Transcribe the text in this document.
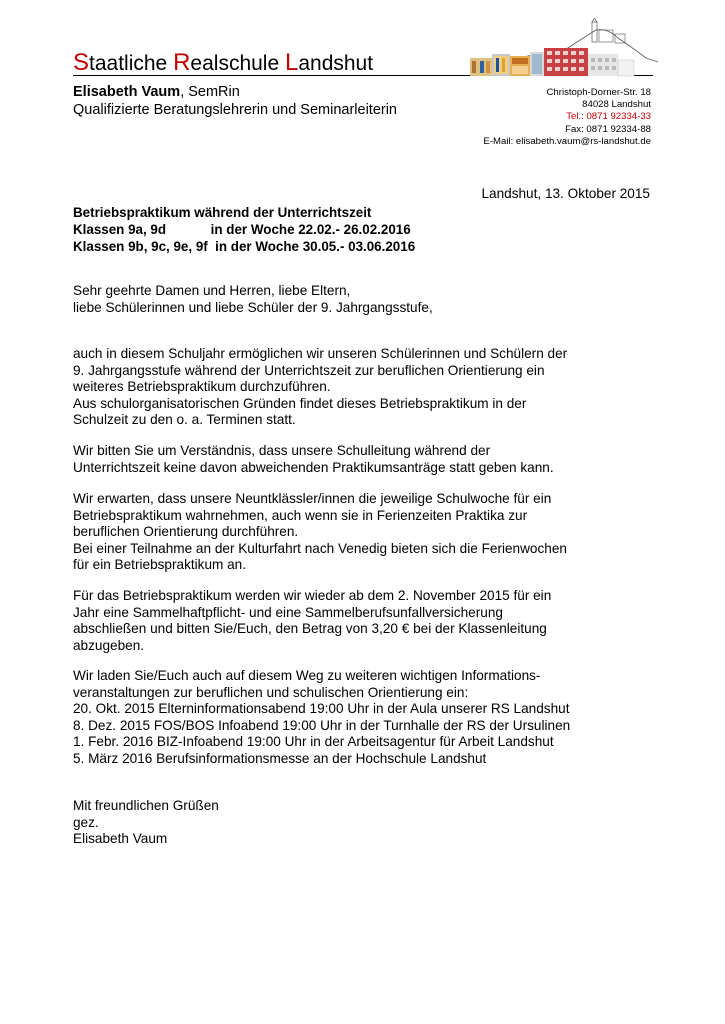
Staatliche Realschule Landshut
Elisabeth Vaum, SemRin
Qualifizierte Beratungslehrerin und Seminarleiterin
Christoph-Dorner-Str. 18
84028 Landshut
Tel.: 0871 92334-33
Fax: 0871 92334-88
E-Mail: elisabeth.vaum@rs-landshut.de
Landshut, 13. Oktober 2015
Betriebspraktikum während der Unterrichtszeit
Klassen 9a, 9d            in der Woche 22.02.- 26.02.2016
Klassen 9b, 9c, 9e, 9f  in der Woche 30.05.- 03.06.2016
Sehr geehrte Damen und Herren, liebe Eltern,
liebe Schülerinnen und liebe Schüler der 9. Jahrgangsstufe,
auch in diesem Schuljahr ermöglichen wir unseren Schülerinnen und Schülern der
9. Jahrgangsstufe während der Unterrichtszeit zur beruflichen Orientierung ein
weiteres Betriebspraktikum durchzuführen.
Aus schulorganisatorischen Gründen findet dieses Betriebspraktikum in der
Schulzeit zu den o. a. Terminen statt.
Wir bitten Sie um Verständnis, dass unsere Schulleitung während der
Unterrichtszeit keine davon abweichenden Praktikumsanträge statt geben kann.
Wir erwarten, dass unsere Neuntklässler/innen die jeweilige Schulwoche für ein
Betriebspraktikum wahrnehmen, auch wenn sie in Ferienzeiten Praktika zur
beruflichen Orientierung durchführen.
Bei einer Teilnahme an der Kulturfahrt nach Venedig bieten sich die Ferienwochen
für ein Betriebspraktikum an.
Für das Betriebspraktikum werden wir wieder ab dem 2. November 2015 für ein
Jahr eine Sammelhaftpflicht- und eine Sammelberufsunfallversicherung
abschließen und bitten Sie/Euch, den Betrag von 3,20 € bei der Klassenleitung
abzugeben.
Wir laden Sie/Euch auch auf diesem Weg zu weiteren wichtigen Informations-
veranstaltungen zur beruflichen und schulischen Orientierung ein:
20. Okt. 2015 Elterninformationsabend 19:00 Uhr in der Aula unserer RS Landshut
8. Dez. 2015 FOS/BOS Infoabend 19:00 Uhr in der Turnhalle der RS der Ursulinen
1. Febr. 2016 BIZ-Infoabend 19:00 Uhr in der Arbeitsagentur für Arbeit Landshut
5. März 2016 Berufsinformationsmesse an der Hochschule Landshut
Mit freundlichen Grüßen
gez.
Elisabeth Vaum
